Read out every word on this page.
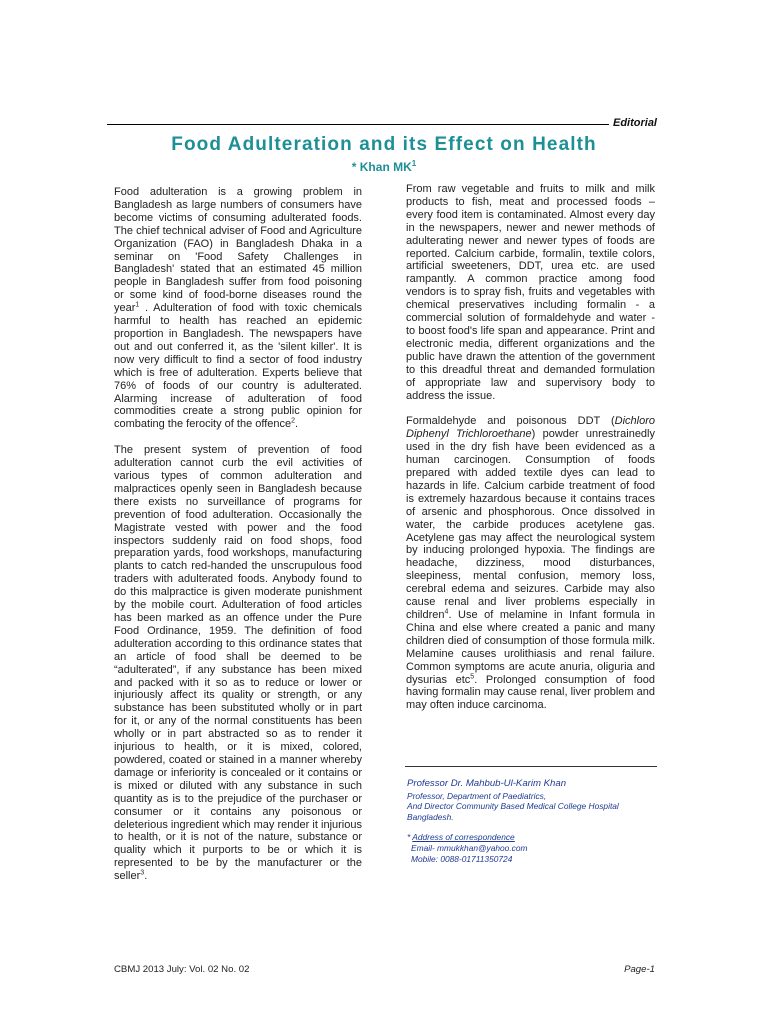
Editorial
Food Adulteration and its Effect on Health
* Khan $MK^1$

Food adulteration is a growing problem in Bangladesh as large numbers of consumers have become victims of consuming adulterated foods. The chief technical adviser of Food and Agriculture Organization (FAO) in Bangladesh Dhaka in a seminar on 'Food Safety Challenges in Bangladesh' stated that an estimated 45 million people in Bangladesh suffer from food poisoning or some kind of food-borne diseases round the year$^1$ . Adulteration of food with toxic chemicals harmful to health has reached an epidemic proportion in Bangladesh. The newspapers have out and out conferred it, as the 'silent killer'. It is now very difficult to find a sector of food industry which is free of adulteration. Experts believe that 76% of foods of our country is adulterated. Alarming increase of adulteration of food commodities create a strong public opinion for combating the ferocity of the offence$^2$.

The present system of prevention of food adulteration cannot curb the evil activities of various types of common adulteration and malpractices openly seen in Bangladesh because there exists no surveillance of programs for prevention of food adulteration. Occasionally the Magistrate vested with power and the food inspectors suddenly raid on food shops, food preparation yards, food workshops, manufacturing plants to catch red-handed the unscrupulous food traders with adulterated foods. Anybody found to do this malpractice is given moderate punishment by the mobile court. Adulteration of food articles has been marked as an offence under the Pure Food Ordinance, 1959. The definition of food adulteration according to this ordinance states that an article of food shall be deemed to be “adulterated”, if any substance has been mixed and packed with it so as to reduce or lower or injuriously affect its quality or strength, or any substance has been substituted wholly or in part for it, or any of the normal constituents has been wholly or in part abstracted so as to render it injurious to health, or it is mixed, colored, powdered, coated or stained in a manner whereby damage or inferiority is concealed or it contains or is mixed or diluted with any substance in such quantity as is to the prejudice of the purchaser or consumer or it contains any poisonous or deleterious ingredient which may render it injurious to health, or it is not of the nature, substance or quality which it purports to be or which it is represented to be by the manufacturer or the seller$^3$.

From raw vegetable and fruits to milk and milk products to fish, meat and processed foods – every food item is contaminated. Almost every day in the newspapers, newer and newer methods of adulterating newer and newer types of foods are reported. Calcium carbide, formalin, textile colors, artificial sweeteners, DDT, urea etc. are used rampantly. A common practice among food vendors is to spray fish, fruits and vegetables with chemical preservatives including formalin - a commercial solution of formaldehyde and water - to boost food's life span and appearance. Print and electronic media, different organizations and the public have drawn the attention of the government to this dreadful threat and demanded formulation of appropriate law and supervisory body to address the issue.

Formaldehyde and poisonous DDT (Dichloro Diphenyl Trichloroethane) powder unrestrainedly used in the dry fish have been evidenced as a human carcinogen. Consumption of foods prepared with added textile dyes can lead to hazards in life. Calcium carbide treatment of food is extremely hazardous because it contains traces of arsenic and phosphorous. Once dissolved in water, the carbide produces acetylene gas. Acetylene gas may affect the neurological system by inducing prolonged hypoxia. The findings are headache, dizziness, mood disturbances, sleepiness, mental confusion, memory loss, cerebral edema and seizures. Carbide may also cause renal and liver problems especially in children$^4$. Use of melamine in Infant formula in China and else where created a panic and many children died of consumption of those formula milk. Melamine causes urolithiasis and renal failure. Common symptoms are acute anuria, oliguria and dysurias etc$^5$. Prolonged consumption of food having formalin may cause renal, liver problem and may often induce carcinoma.

Professor Dr. Mahbub-Ul-Karim Khan
Professor, Department of Paediatrics,
And Director Community Based Medical College Hospital
Bangladesh.
* Address of correspondence
Email- mmukkhan@yahoo.com
Mobile: 0088-01711350724
CBMJ 2013 July: Vol. 02 No. 02	Page-1
